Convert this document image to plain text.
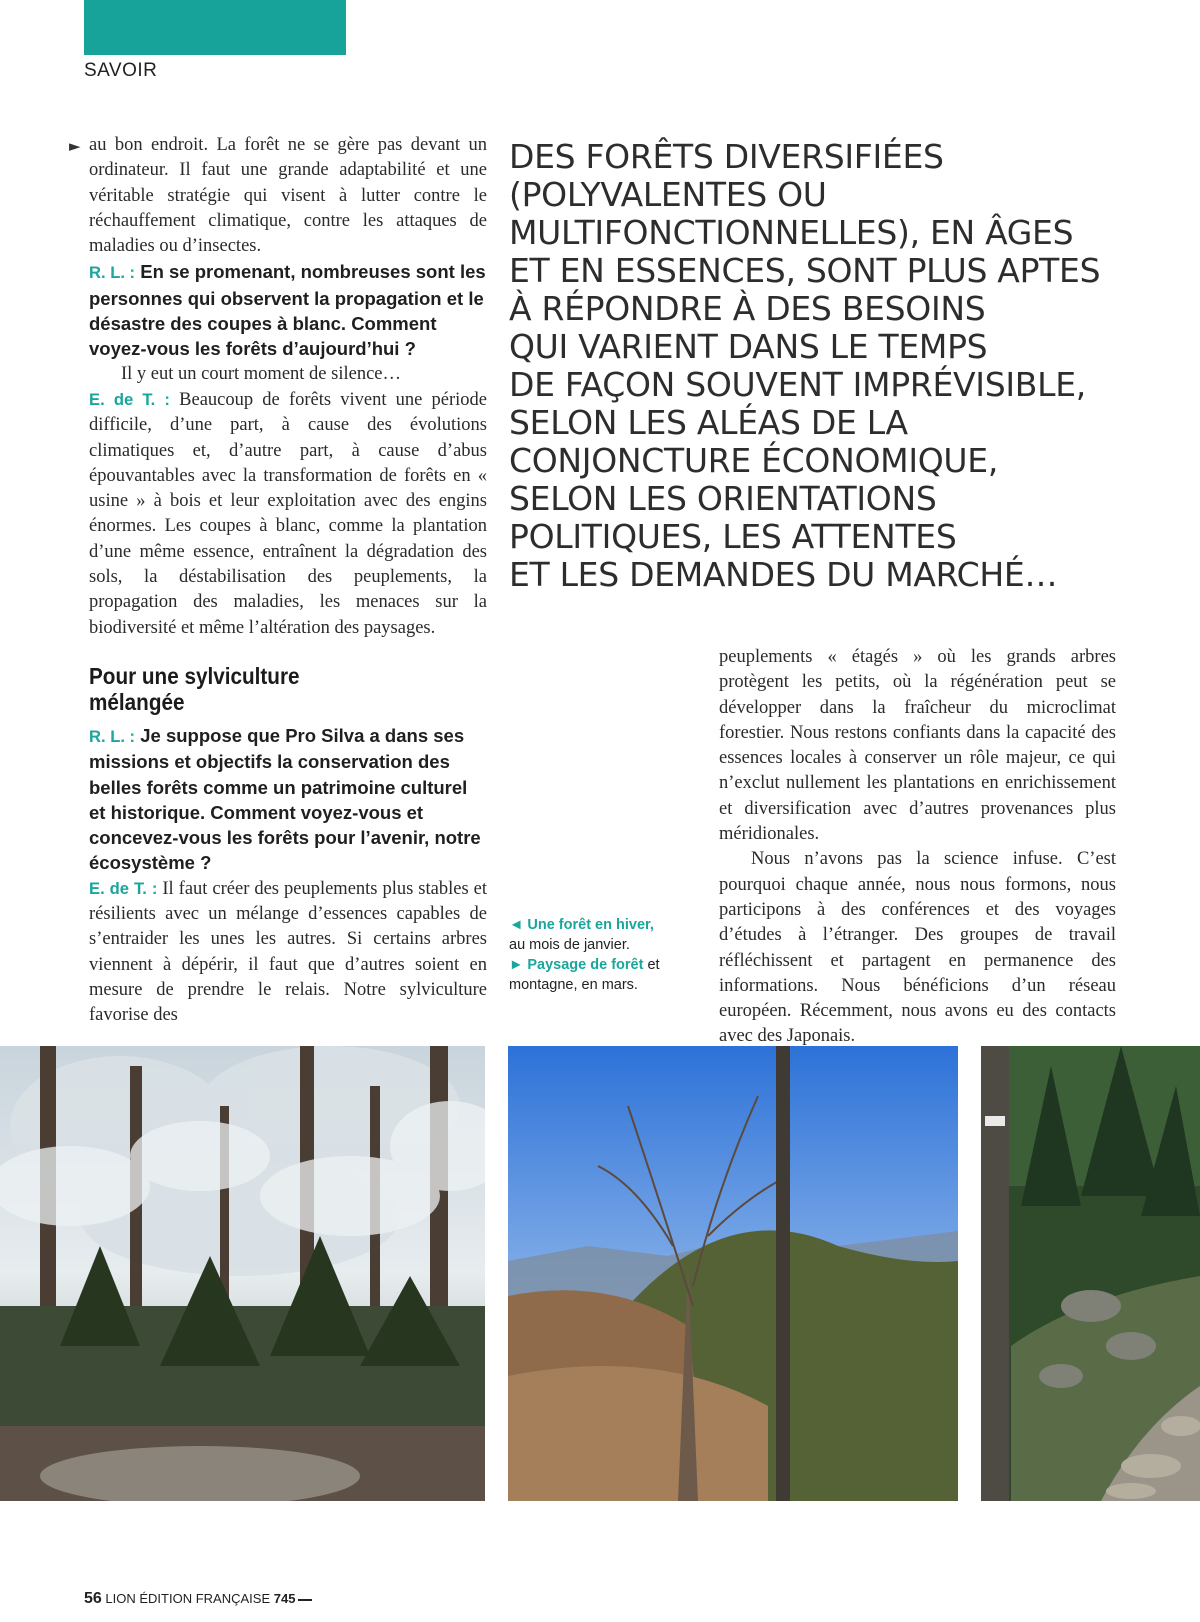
SAVOIR
► au bon endroit. La forêt ne se gère pas devant un ordinateur. Il faut une grande adaptabilité et une véritable stratégie qui visent à lutter contre le réchauffement climatique, contre les attaques de maladies ou d’insectes.

R. L. : En se promenant, nombreuses sont les personnes qui observent la propagation et le désastre des coupes à blanc. Comment voyez-vous les forêts d’aujourd’hui ?

Il y eut un court moment de silence…

E. de T. : Beaucoup de forêts vivent une période difficile, d’une part, à cause des évolutions climatiques et, d’autre part, à cause d’abus épouvantables avec la transformation de forêts en « usine » à bois et leur exploitation avec des engins énormes. Les coupes à blanc, comme la plantation d’une même essence, entraînent la dégradation des sols, la déstabilisation des peuplements, la propagation des maladies, les menaces sur la biodiversité et même l’altération des paysages.

Pour une sylviculture
mélangée

R. L. : Je suppose que Pro Silva a dans ses missions et objectifs la conservation des belles forêts comme un patrimoine culturel et historique. Comment voyez-vous et concevez-vous les forêts pour l’avenir, notre écosystème ?

E. de T. : Il faut créer des peuplements plus stables et résilients avec un mélange d’essences capables de s’entraider les unes les autres. Si certains arbres viennent à dépérir, il faut que d’autres soient en mesure de prendre le relais. Notre sylviculture favorise des

DES FORÊTS DIVERSIFIÉES
(POLYVALENTES OU
MULTIFONCTIONNELLES), EN ÂGES
ET EN ESSENCES, SONT PLUS APTES
À RÉPONDRE À DES BESOINS
QUI VARIENT DANS LE TEMPS
DE FAÇON SOUVENT IMPRÉVISIBLE,
SELON LES ALÉAS DE LA
CONJONCTURE ÉCONOMIQUE,
SELON LES ORIENTATIONS
POLITIQUES, LES ATTENTES
ET LES DEMANDES DU MARCHÉ…
◄ Une forêt en hiver,
au mois de janvier.
► Paysage de forêt et
montagne, en mars.

peuplements « étagés » où les grands arbres protègent les petits, où la régénération peut se développer dans la fraîcheur du microclimat forestier. Nous restons confiants dans la capacité des essences locales à conserver un rôle majeur, ce qui n’exclut nullement les plantations en enrichissement et diversification avec d’autres provenances plus méridionales.

Nous n’avons pas la science infuse. C’est pourquoi chaque année, nous nous formons, nous participons à des conférences et des voyages d’études à l’étranger. Des groupes de travail réfléchissent et partagent en permanence des informations. Nous bénéficions d’un réseau européen. Récemment, nous avons eu des contacts avec des Japonais.

56 LION ÉDITION FRANÇAISE 745
